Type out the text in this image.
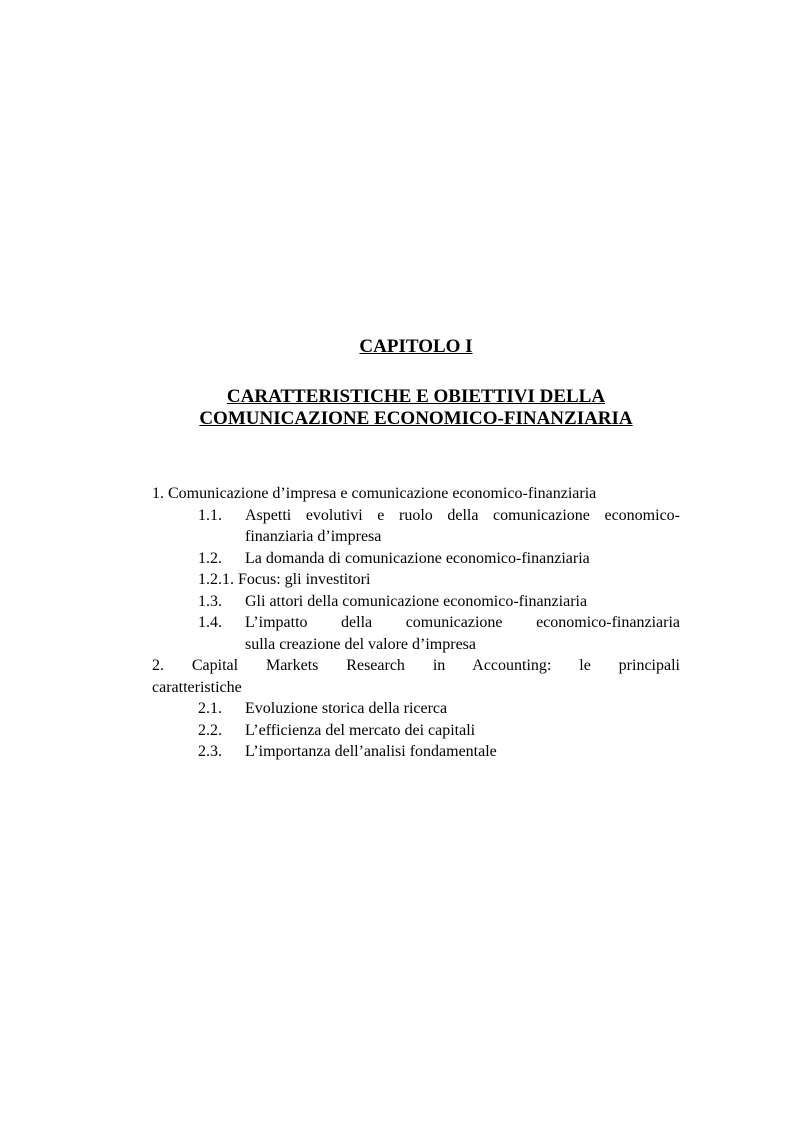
CAPITOLO I
CARATTERISTICHE E OBIETTIVI DELLA
COMUNICAZIONE ECONOMICO-FINANZIARIA
1. Comunicazione d’impresa e comunicazione economico-finanziaria
1.1. Aspetti evolutivi e ruolo della comunicazione economico-
finanziaria d’impresa
1.2. La domanda di comunicazione economico-finanziaria
1.2.1. Focus: gli investitori
1.3. Gli attori della comunicazione economico-finanziaria
1.4. L’impatto della comunicazione economico-finanziaria
sulla creazione del valore d’impresa
2. Capital Markets Research in Accounting: le principali
caratteristiche
2.1. Evoluzione storica della ricerca
2.2. L’efficienza del mercato dei capitali
2.3. L’importanza dell’analisi fondamentale
